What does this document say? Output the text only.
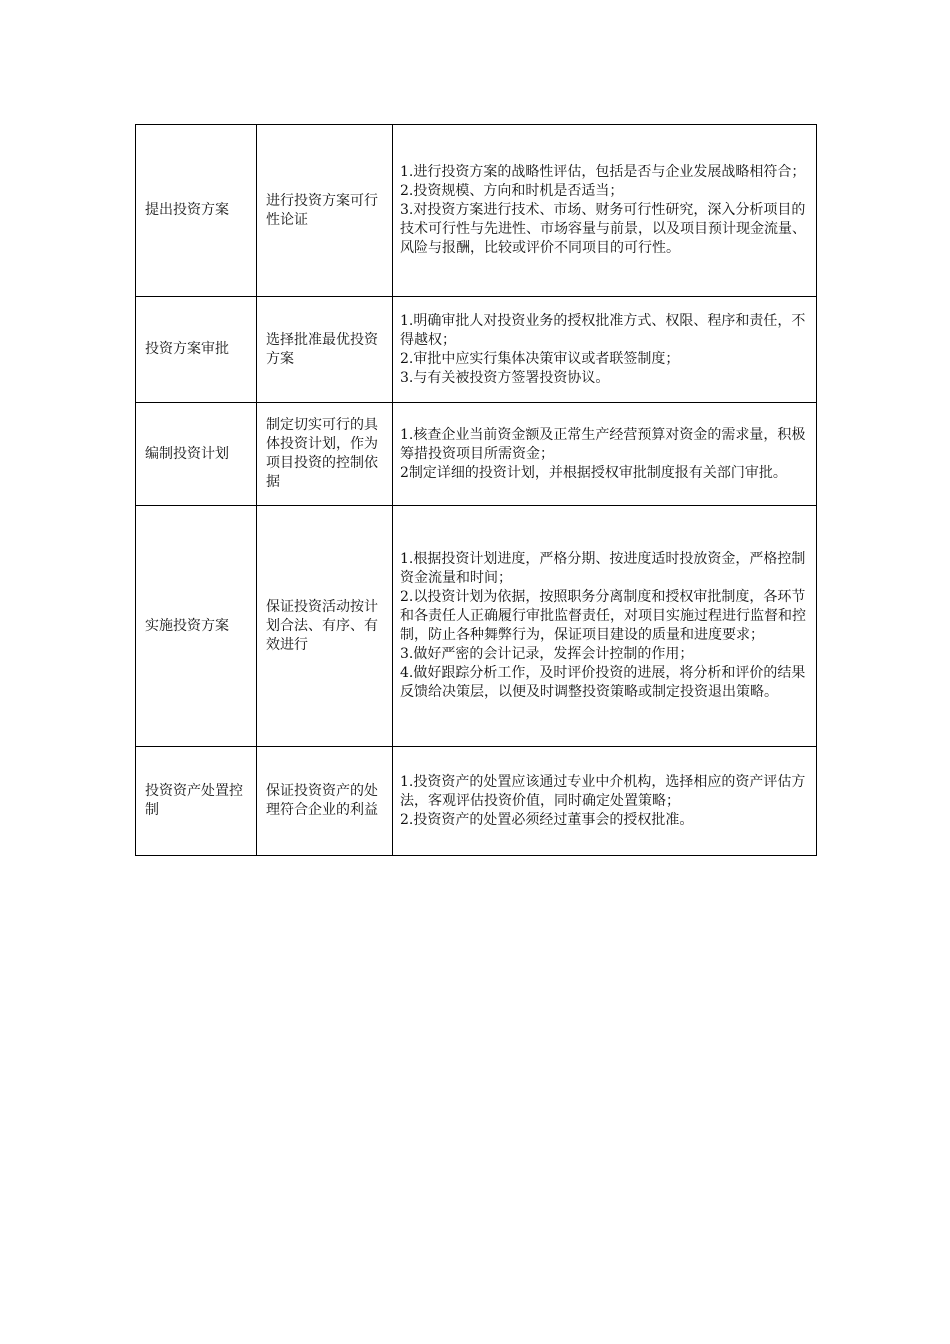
提出投资方案	进行投资方案可行性论证	1.进行投资方案的战略性评估，包括是否与企业发展战略相符合；
2.投资规模、方向和时机是否适当；
3.对投资方案进行技术、市场、财务可行性研究，深入分析项目的技术可行性与先进性、市场容量与前景，以及项目预计现金流量、风险与报酬，比较或评价不同项目的可行性。

投资方案审批	选择批准最优投资方案	1.明确审批人对投资业务的授权批准方式、权限、程序和责任，不得越权；
2.审批中应实行集体决策审议或者联签制度；
3.与有关被投资方签署投资协议。

编制投资计划	制定切实可行的具体投资计划，作为项目投资的控制依据	1.核查企业当前资金额及正常生产经营预算对资金的需求量，积极筹措投资项目所需资金；
2制定详细的投资计划，并根据授权审批制度报有关部门审批。

实施投资方案	保证投资活动按计划合法、有序、有效进行	1.根据投资计划进度，严格分期、按进度适时投放资金，严格控制资金流量和时间；
2.以投资计划为依据，按照职务分离制度和授权审批制度，各环节和各责任人正确履行审批监督责任，对项目实施过程进行监督和控制，防止各种舞弊行为，保证项目建设的质量和进度要求；
3.做好严密的会计记录，发挥会计控制的作用；
4.做好跟踪分析工作，及时评价投资的进展，将分析和评价的结果反馈给决策层，以便及时调整投资策略或制定投资退出策略。

投资资产处置控制	保证投资资产的处理符合企业的利益	1.投资资产的处置应该通过专业中介机构，选择相应的资产评估方法，客观评估投资价值，同时确定处置策略；
2.投资资产的处置必须经过董事会的授权批准。
